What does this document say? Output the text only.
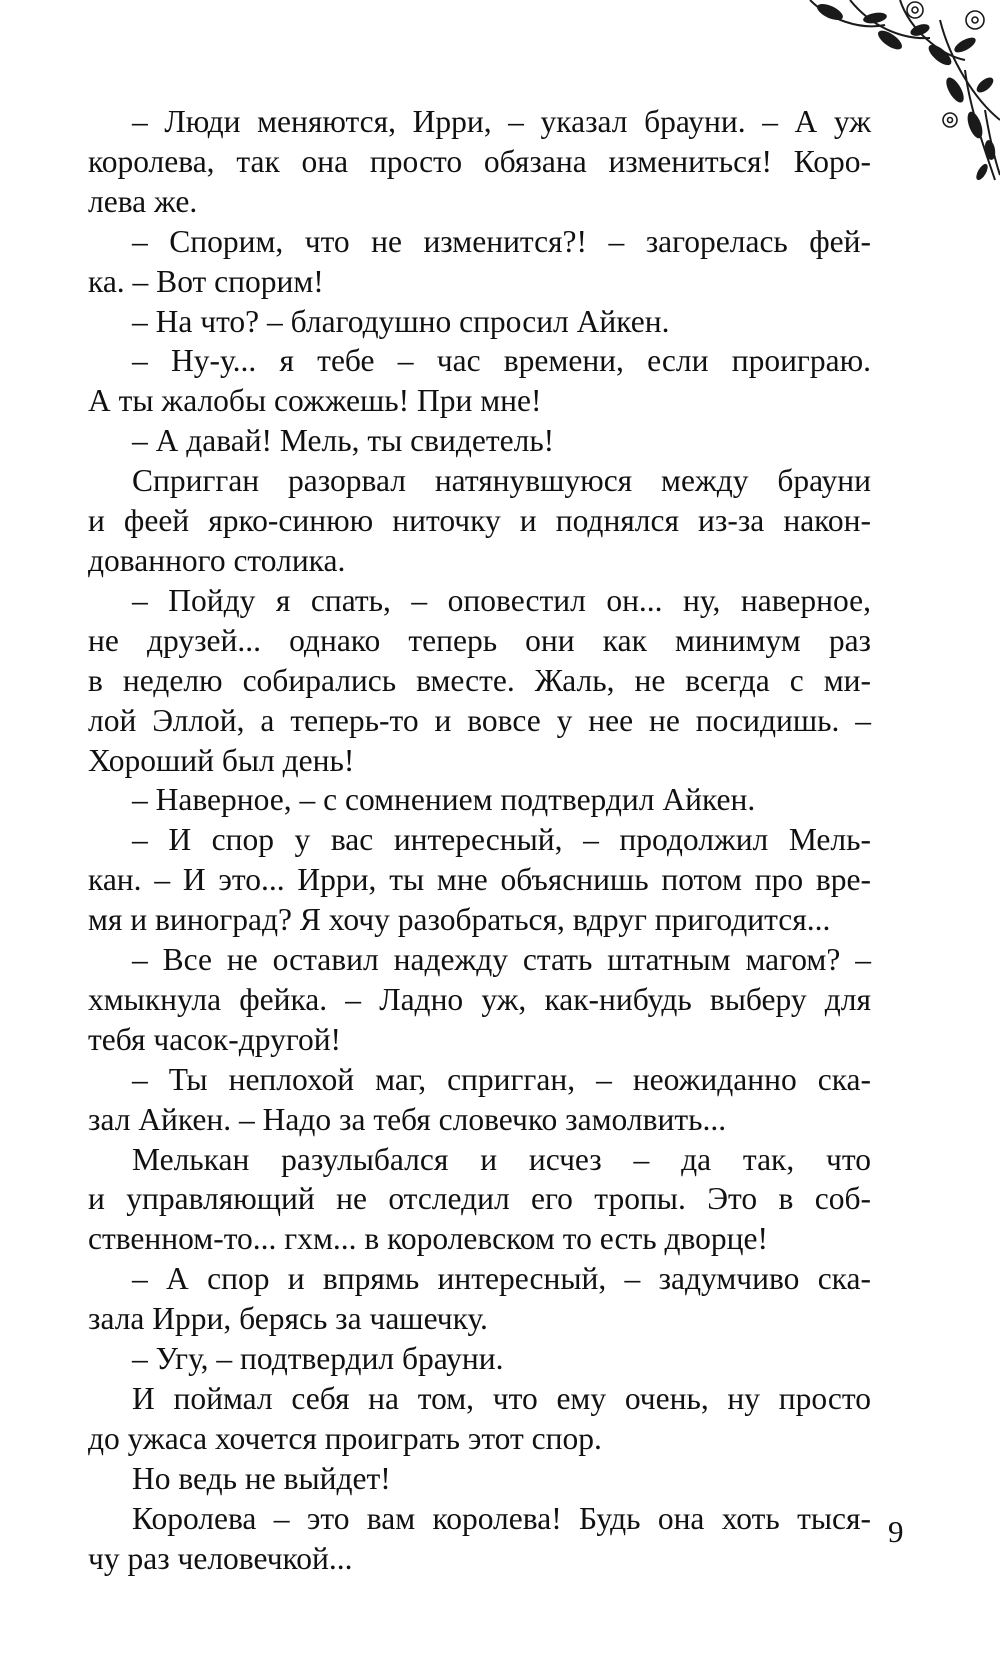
– Люди меняются, Ирри, – указал брауни. – А уж
королева, так она просто обязана измениться! Коро-
лева же.
– Спорим, что не изменится?! – загорелась фей-
ка. – Вот спорим!
– На что? – благодушно спросил Айкен.
– Ну-у... я тебе – час времени, если проиграю.
А ты жалобы сожжешь! При мне!
– А давай! Мель, ты свидетель!
Спригган разорвал натянувшуюся между брауни
и феей ярко-синюю ниточку и поднялся из-за након-
дованного столика.
– Пойду я спать, – оповестил он... ну, наверное,
не друзей... однако теперь они как минимум раз
в неделю собирались вместе. Жаль, не всегда с ми-
лой Эллой, а теперь-то и вовсе у нее не посидишь. –
Хороший был день!
– Наверное, – с сомнением подтвердил Айкен.
– И спор у вас интересный, – продолжил Мель-
кан. – И это... Ирри, ты мне объяснишь потом про вре-
мя и виноград? Я хочу разобраться, вдруг пригодится...
– Все не оставил надежду стать штатным магом? –
хмыкнула фейка. – Ладно уж, как-нибудь выберу для
тебя часок-другой!
– Ты неплохой маг, спригган, – неожиданно ска-
зал Айкен. – Надо за тебя словечко замолвить...
Мелькан разулыбался и исчез – да так, что
и управляющий не отследил его тропы. Это в соб-
ственном-то... гхм... в королевском то есть дворце!
– А спор и впрямь интересный, – задумчиво ска-
зала Ирри, берясь за чашечку.
– Угу, – подтвердил брауни.
И поймал себя на том, что ему очень, ну просто
до ужаса хочется проиграть этот спор.
Но ведь не выйдет!
Королева – это вам королева! Будь она хоть тыся-
чу раз человечкой...
9
